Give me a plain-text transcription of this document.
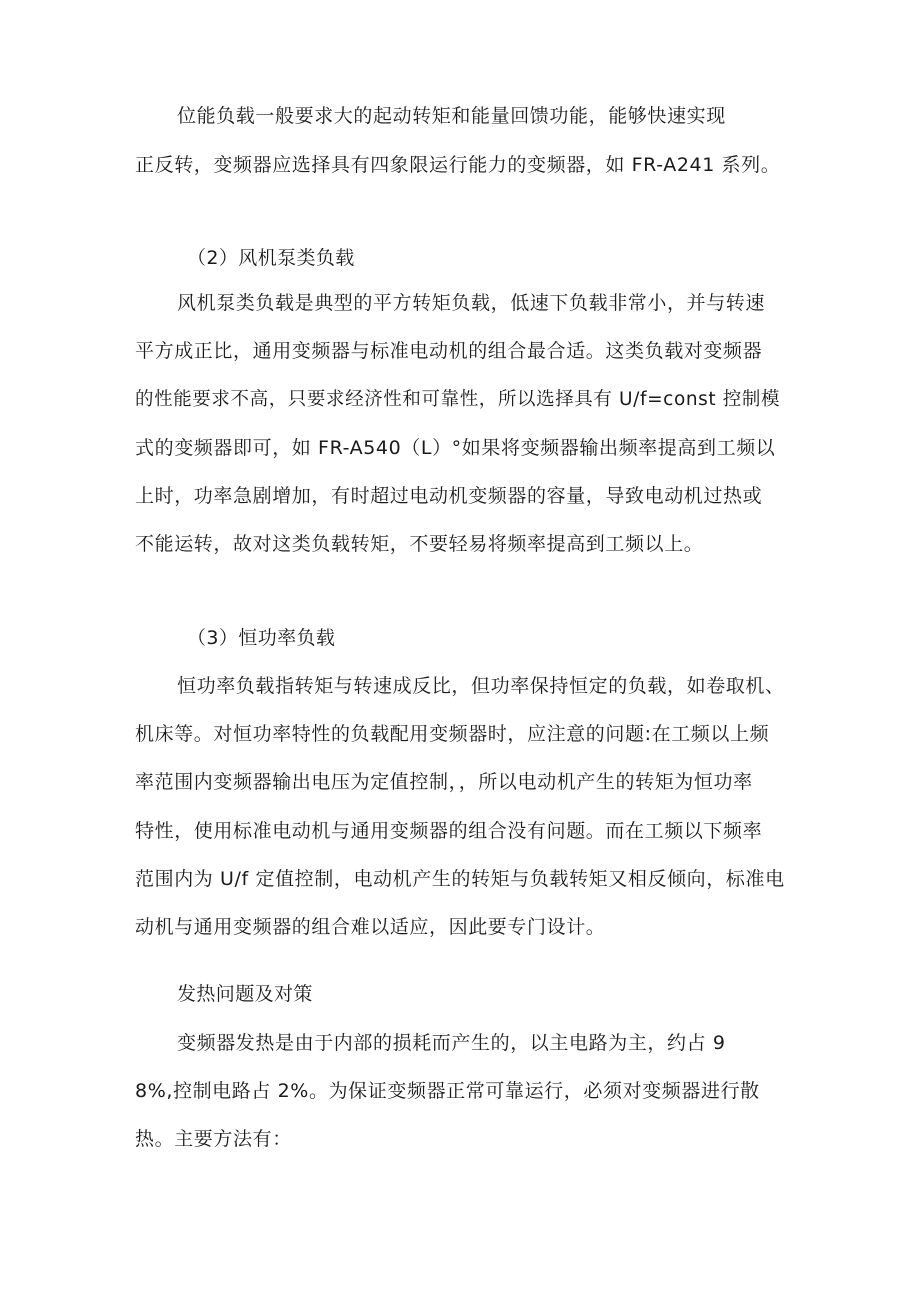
位能负载一般要求大的起动转矩和能量回馈功能，能够快速实现
正反转，变频器应选择具有四象限运行能力的变频器，如 FR-A241 系列。
（2）风机泵类负载
风机泵类负载是典型的平方转矩负载，低速下负载非常小，并与转速
平方成正比，通用变频器与标准电动机的组合最合适。这类负载对变频器
的性能要求不高，只要求经济性和可靠性，所以选择具有 U/f=const 控制模
式的变频器即可，如 FR-A540（L）°如果将变频器输出频率提高到工频以
上时，功率急剧增加，有时超过电动机变频器的容量，导致电动机过热或
不能运转，故对这类负载转矩，不要轻易将频率提高到工频以上。
（3）恒功率负载
恒功率负载指转矩与转速成反比，但功率保持恒定的负载，如卷取机、
机床等。对恒功率特性的负载配用变频器时，应注意的问题:在工频以上频
率范围内变频器输出电压为定值控制，，所以电动机产生的转矩为恒功率
特性，使用标准电动机与通用变频器的组合没有问题。而在工频以下频率
范围内为 U/f 定值控制，电动机产生的转矩与负载转矩又相反倾向，标准电
动机与通用变频器的组合难以适应，因此要专门设计。
发热问题及对策
变频器发热是由于内部的损耗而产生的，以主电路为主，约占 9
8%,控制电路占 2%。为保证变频器正常可靠运行，必须对变频器进行散
热。主要方法有：
